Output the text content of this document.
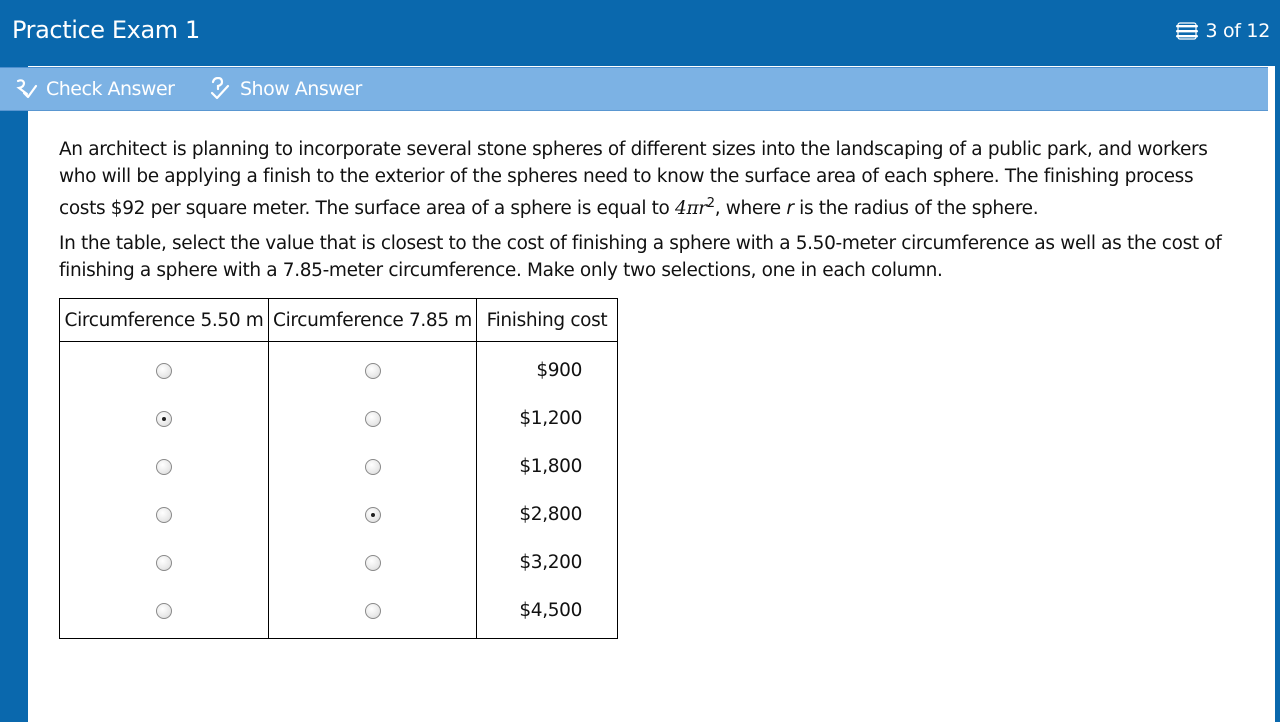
Practice Exam 1	3 of 12
Check Answer	Show Answer

An architect is planning to incorporate several stone spheres of different sizes into the landscaping of a public park, and workers who will be applying a finish to the exterior of the spheres need to know the surface area of each sphere. The finishing process costs $92 per square meter. The surface area of a sphere is equal to $4\pi r^2$, where r is the radius of the sphere.

In the table, select the value that is closest to the cost of finishing a sphere with a 5.50-meter circumference as well as the cost of finishing a sphere with a 7.85-meter circumference. Make only two selections, one in each column.

Circumference 5.50 m	Circumference 7.85 m	Finishing cost
		$900
		$1,200
		$1,800
		$2,800
		$3,200
		$4,500
